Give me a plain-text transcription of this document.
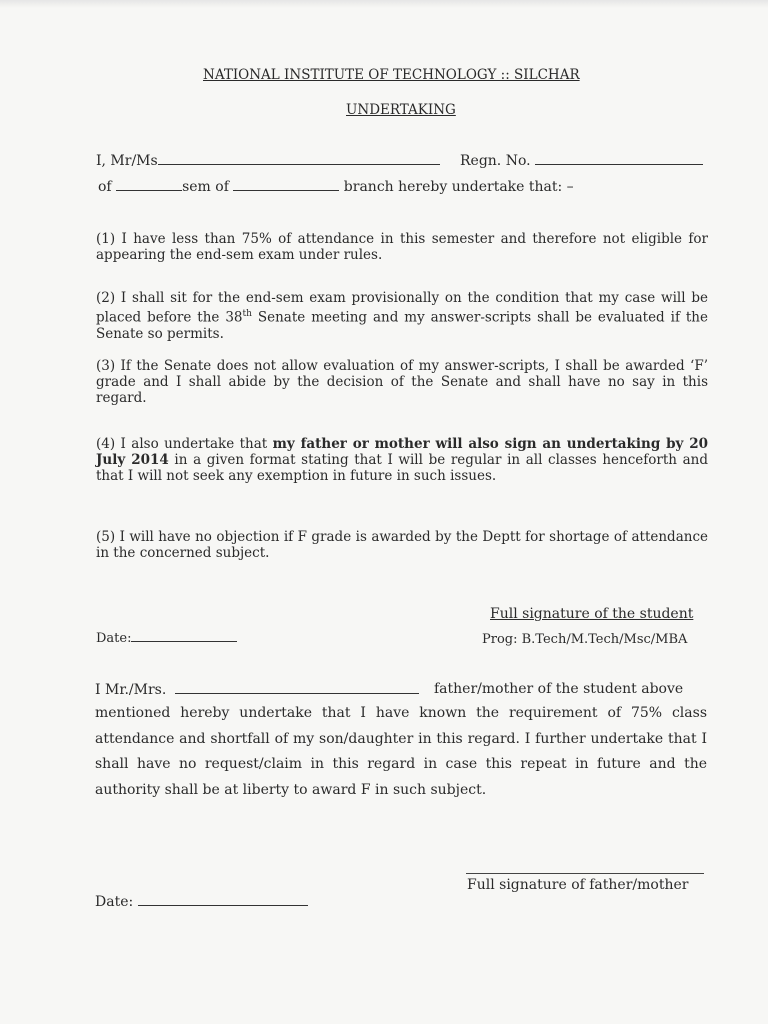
NATIONAL INSTITUTE OF TECHNOLOGY :: SILCHAR
UNDERTAKING
I, Mr/Ms	Regn. No.
of	sem of	branch hereby undertake that: –
(1) I have less than 75% of attendance in this semester and therefore not eligible for appearing the end-sem exam under rules.
(2) I shall sit for the end-sem exam provisionally on the condition that my case will be placed before the 38th Senate meeting and my answer-scripts shall be evaluated if the Senate so permits.
(3) If the Senate does not allow evaluation of my answer-scripts, I shall be awarded ‘F’ grade and I shall abide by the decision of the Senate and shall have no say in this regard.
(4) I also undertake that my father or mother will also sign an undertaking by 20 July 2014 in a given format stating that I will be regular in all classes henceforth and that I will not seek any exemption in future in such issues.
(5) I will have no objection if F grade is awarded by the Deptt for shortage of attendance in the concerned subject.
Full signature of the student
Date:	Prog: B.Tech/M.Tech/Msc/MBA
I Mr./Mrs.	father/mother of the student above
mentioned hereby undertake that I have known the requirement of 75% class attendance and shortfall of my son/daughter in this regard. I further undertake that I shall have no request/claim in this regard in case this repeat in future and the authority shall be at liberty to award F in such subject.
Full signature of father/mother
Date:
